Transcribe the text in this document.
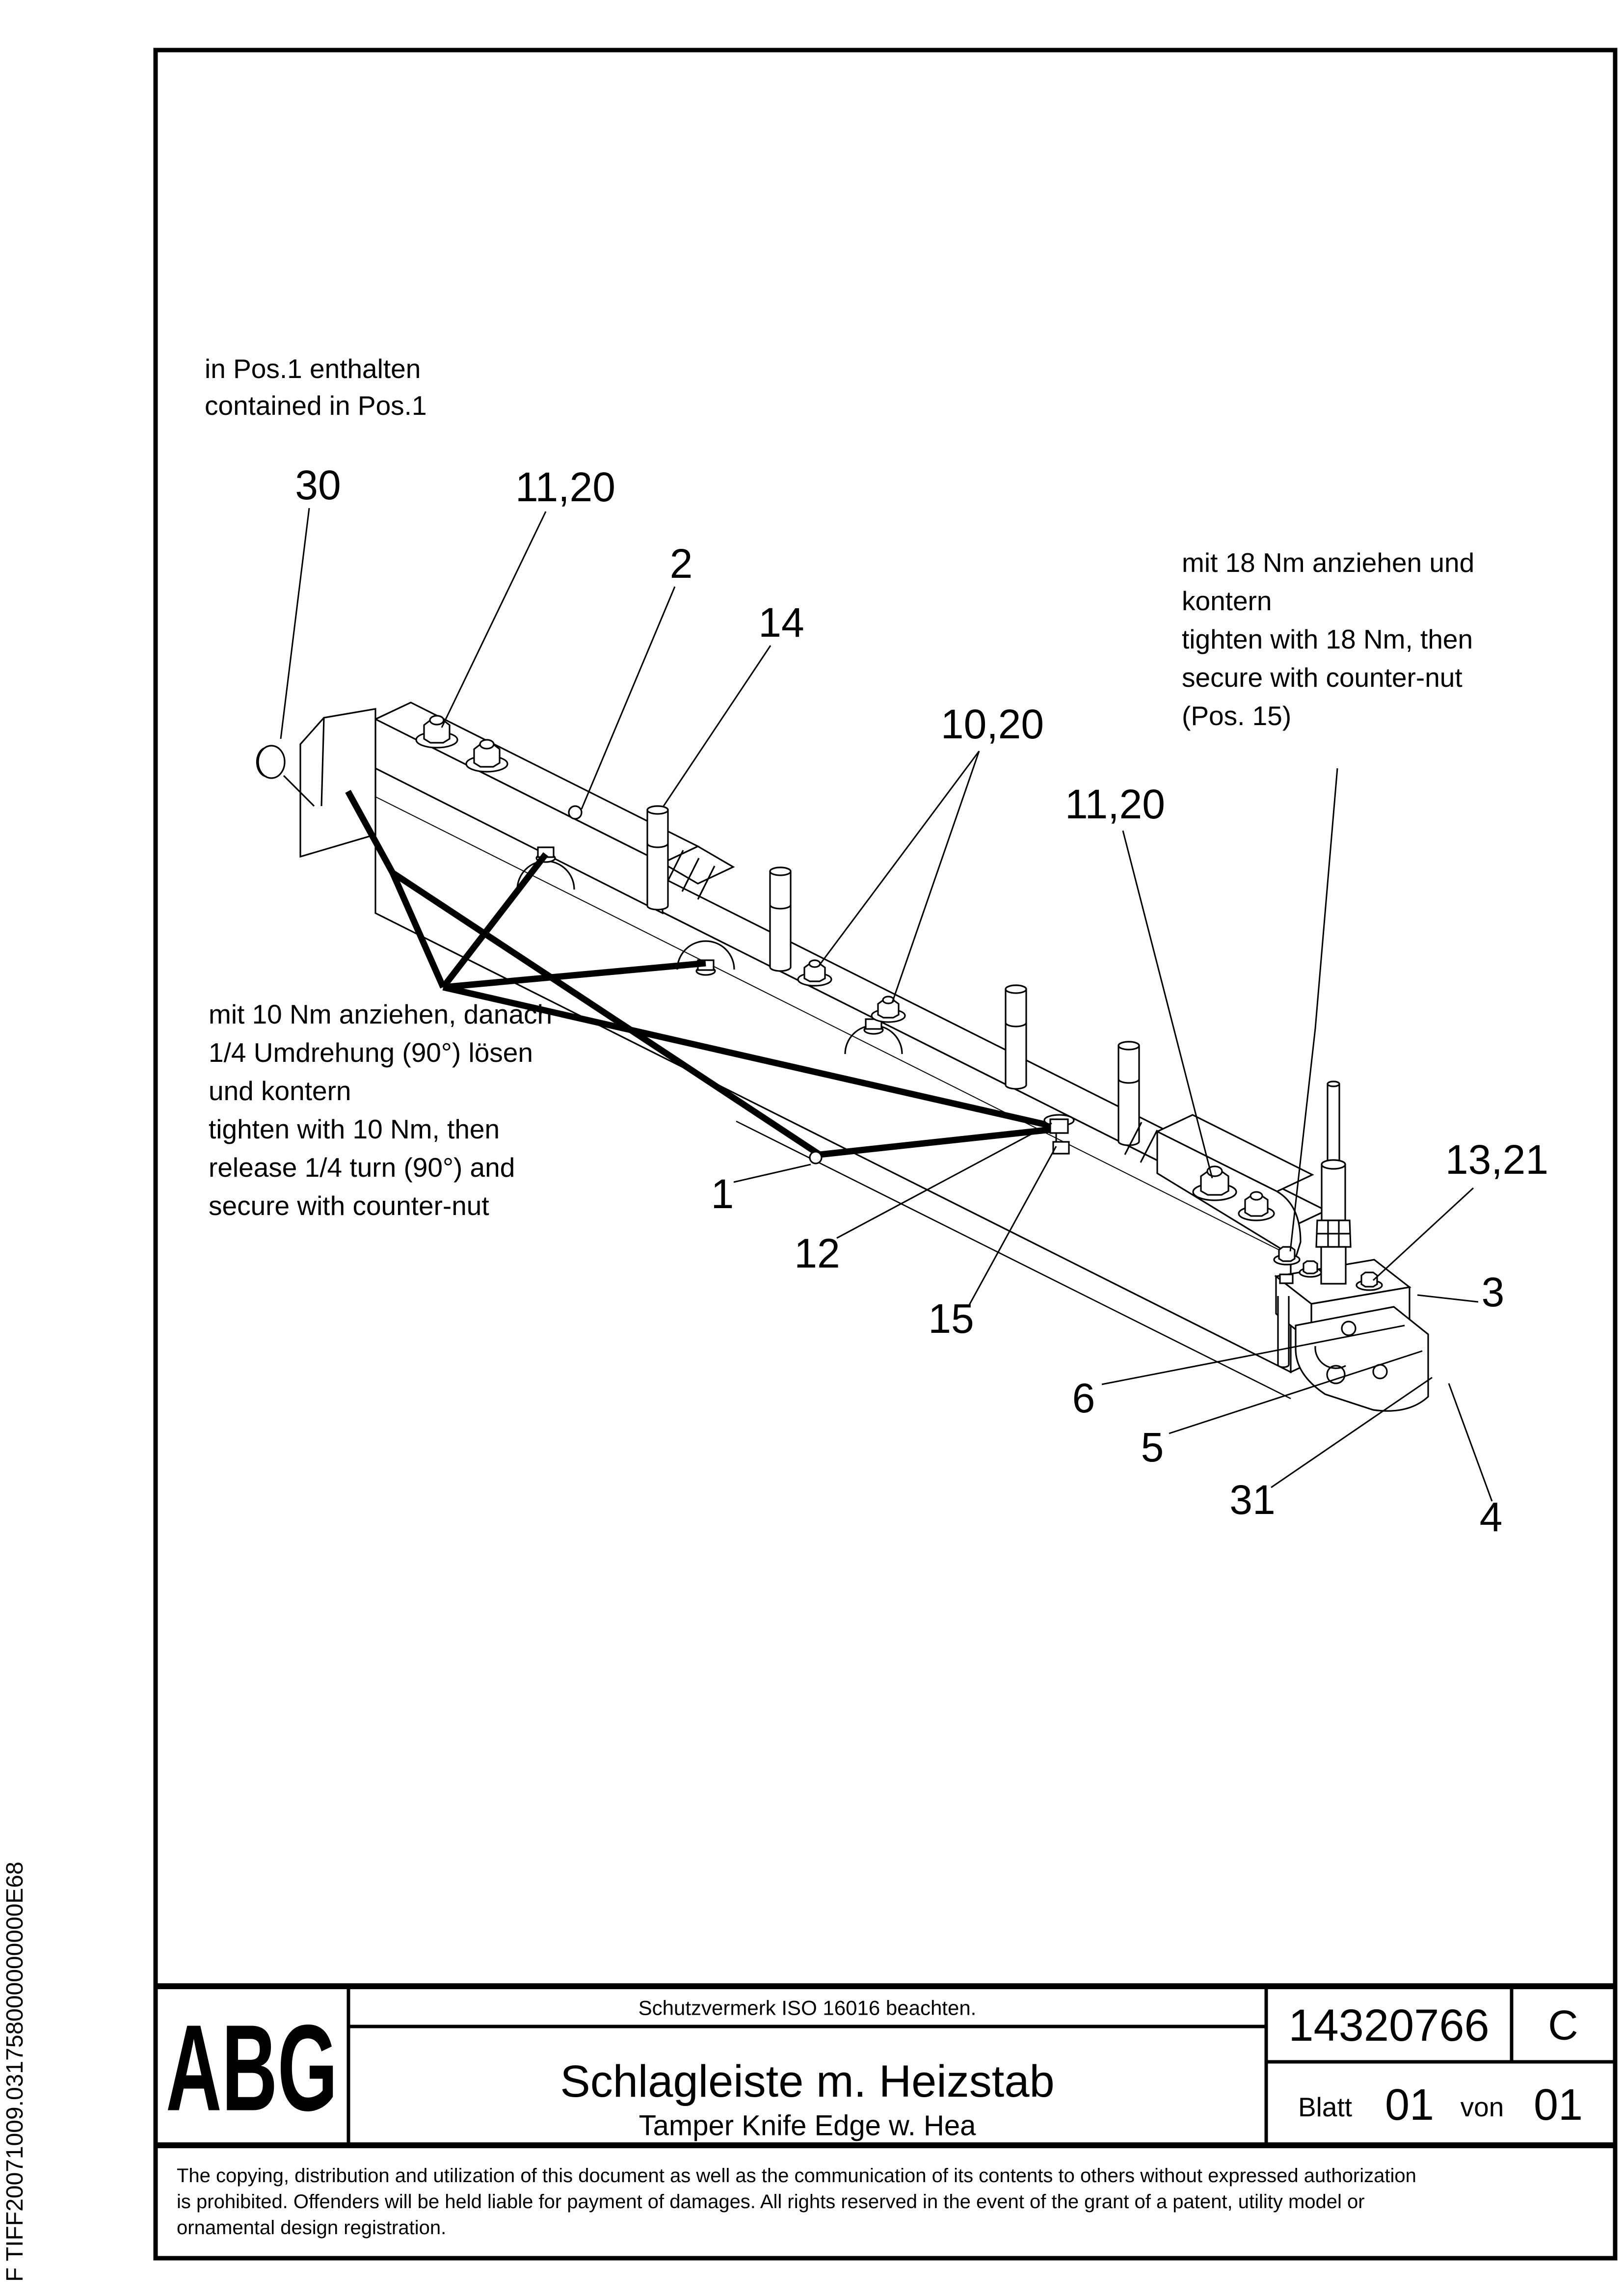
F TIFF20071009.031758000000000E68
30	11,20
2
14
10,20
11,20
13,21
3
1
12
15
6
5
31	4
in Pos.1 enthalten
contained in Pos.1
mit 18 Nm anziehen und
kontern
tighten with 18 Nm, then
secure with counter-nut
(Pos. 15)
mit 10 Nm anziehen, danach
1/4 Umdrehung (90°) lösen
und kontern
tighten with 10 Nm, then
release 1/4 turn (90°) and
secure with counter-nut
ABG	Schutzvermerk ISO 16016 beachten.
Schlagleiste m. Heizstab
Tamper Knife Edge w. Hea
14320766 C
Blatt 01 von 01
The copying, distribution and utilization of this document as well as the communication of its contents to others without expressed authorization
is prohibited. Offenders will be held liable for payment of damages. All rights reserved in the event of the grant of a patent, utility model or
ornamental design registration.
